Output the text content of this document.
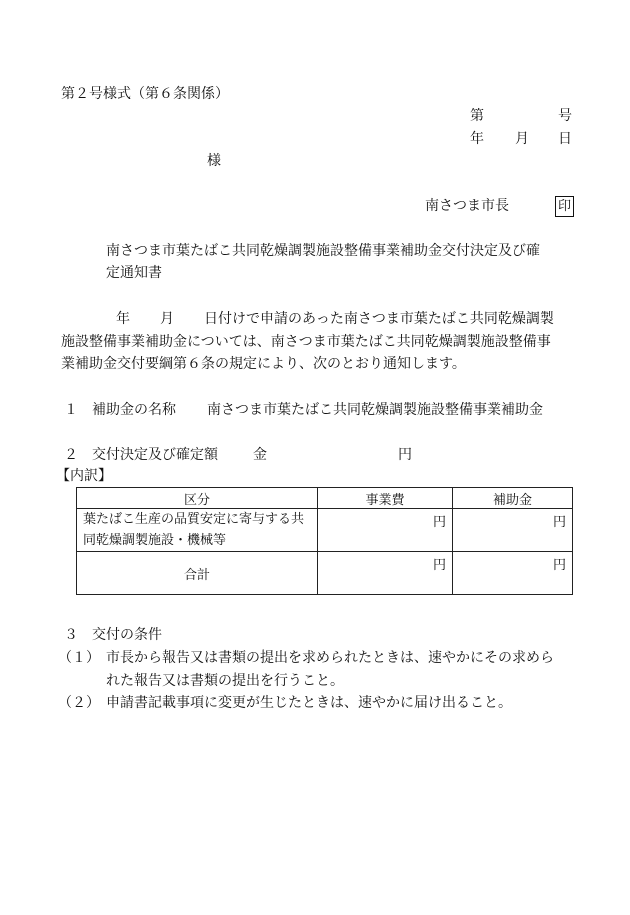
第２号様式（第６条関係）
第	号
年 月 日
様
南さつま市長	印
南さつま市葉たばこ共同乾燥調製施設整備事業補助金交付決定及び確
定通知書
年 月 日付けで申請のあった南さつま市葉たばこ共同乾燥調製
施設整備事業補助金については、南さつま市葉たばこ共同乾燥調製施設整備事
業補助金交付要綱第６条の規定により、次のとおり通知します。
１ 補助金の名称 南さつま市葉たばこ共同乾燥調製施設整備事業補助金
２ 交付決定及び確定額	金	円
【内訳】
区分	事業費	補助金
葉たばこ生産の品質安定に寄与する共同乾燥調製施設・機械等	円	円
合計	円	円
３ 交付の条件
（１） 市長から報告又は書類の提出を求められたときは、速やかにその求めら
れた報告又は書類の提出を行うこと。
（２） 申請書記載事項に変更が生じたときは、速やかに届け出ること。
